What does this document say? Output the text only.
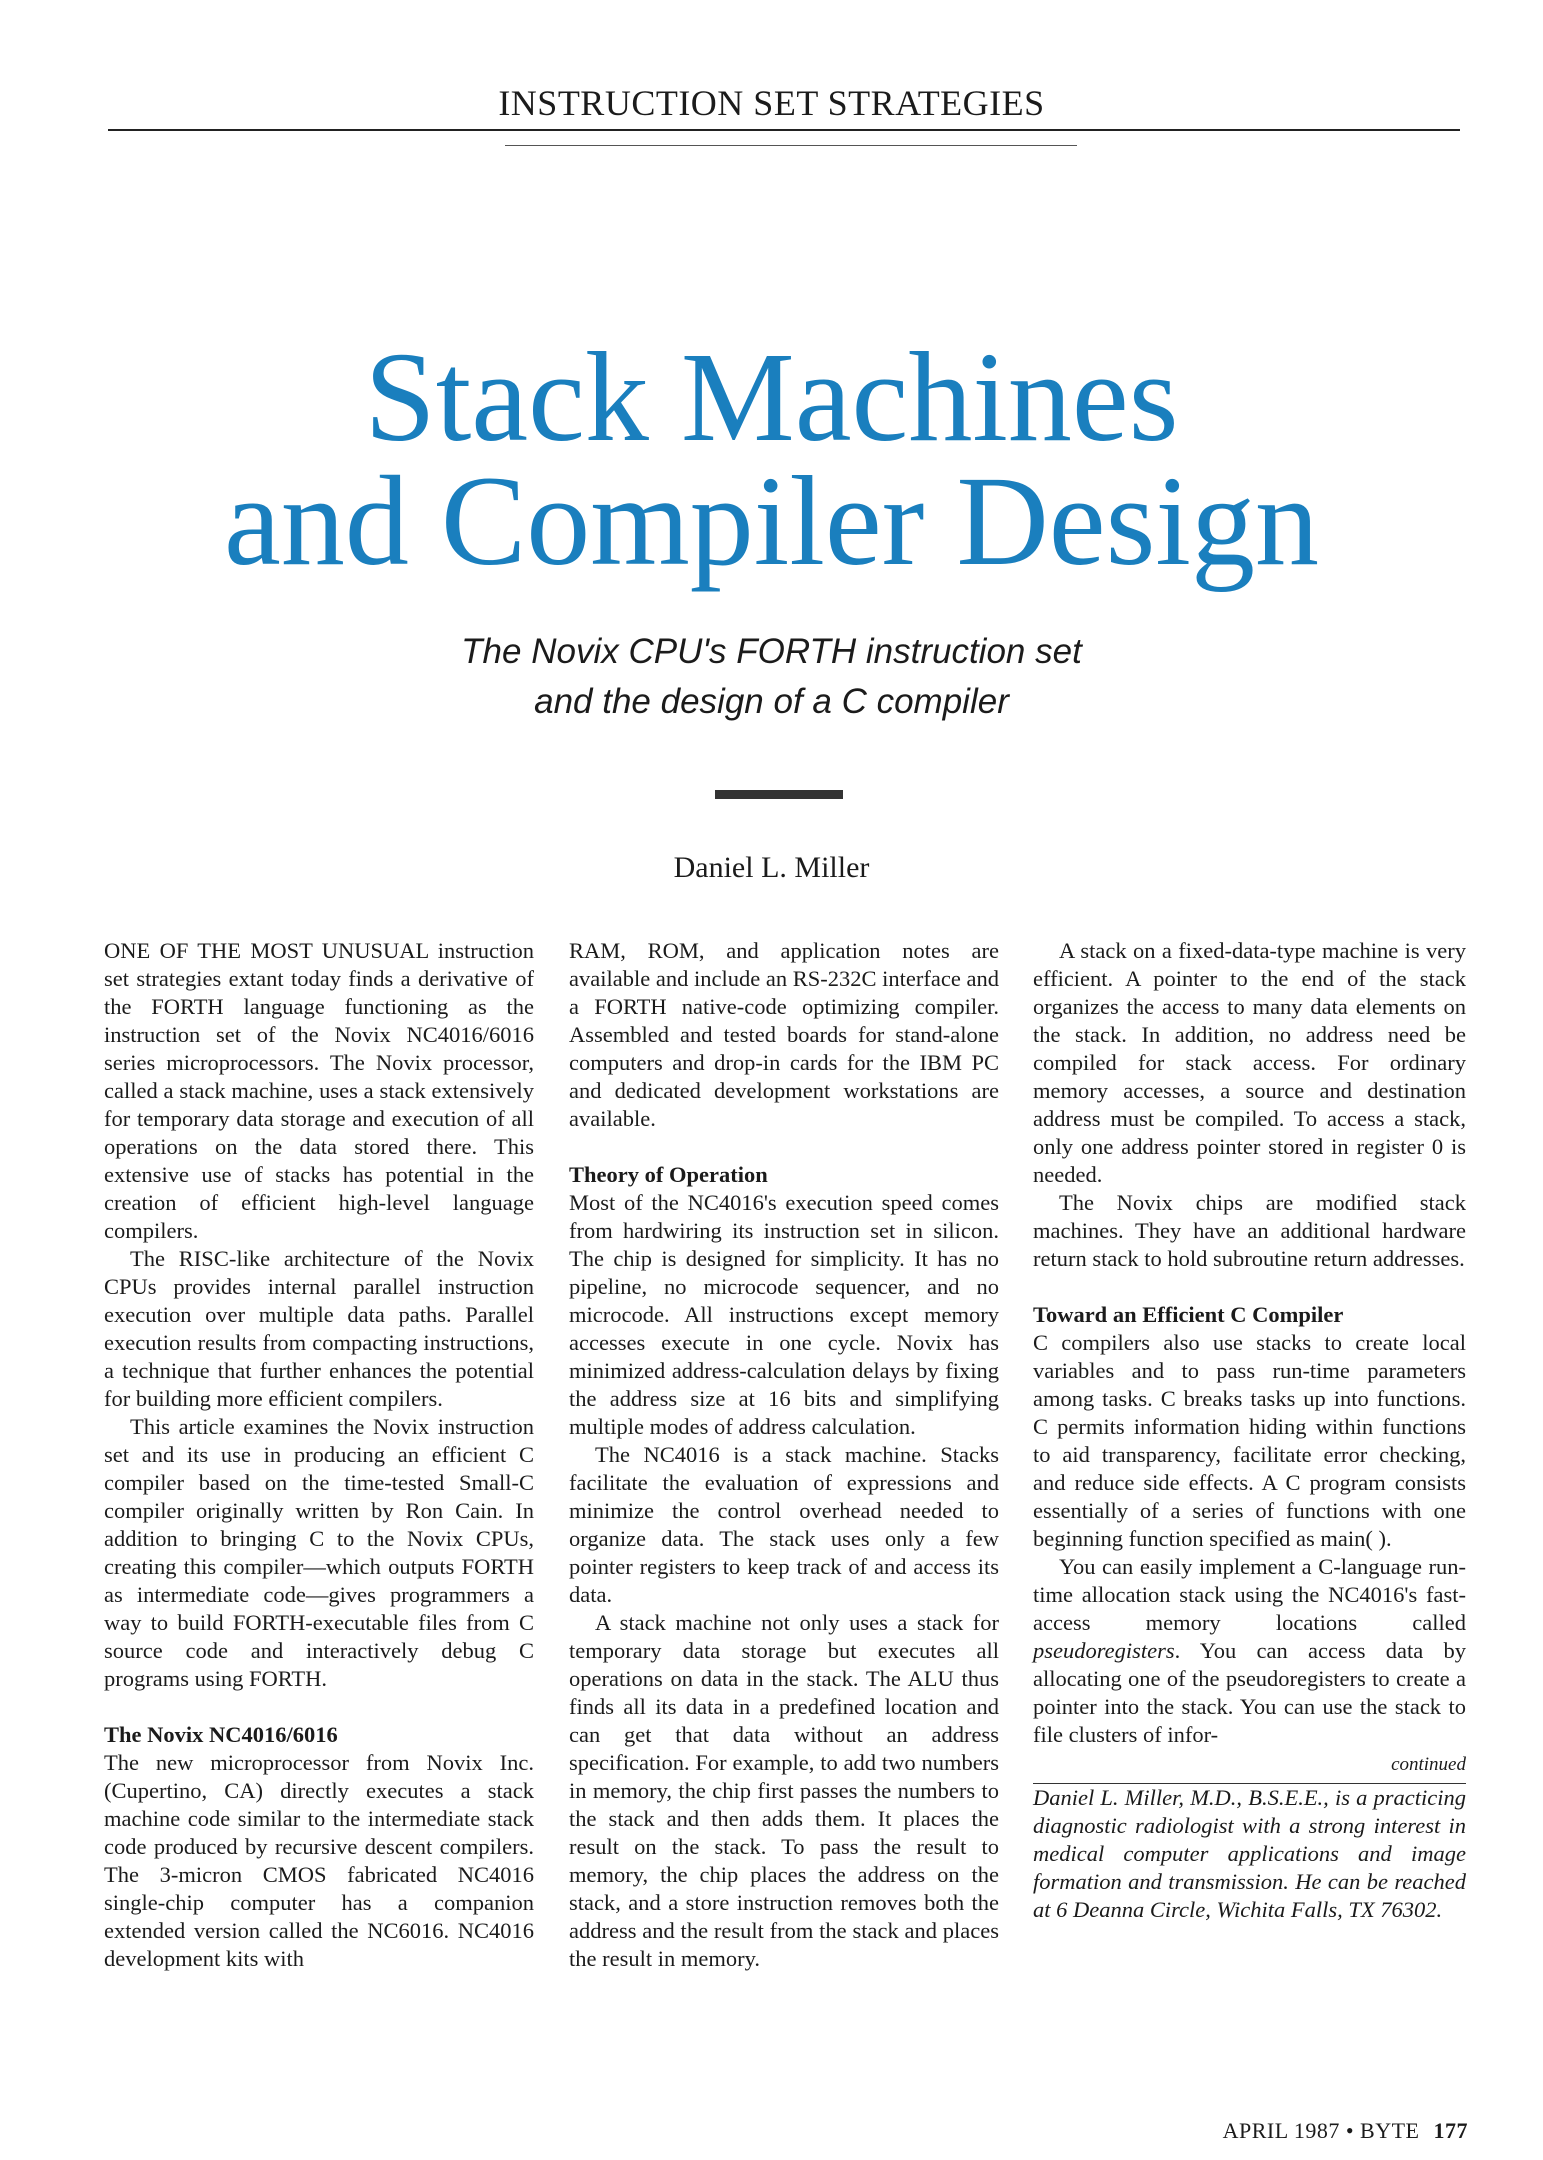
INSTRUCTION SET STRATEGIES
Stack Machines
and Compiler Design
The Novix CPU's FORTH instruction set
and the design of a C compiler
Daniel L. Miller

ONE OF THE MOST UNUSUAL instruction set strategies extant today finds a derivative of the FORTH language functioning as the instruction set of the Novix NC4016/6016 series microprocessors. The Novix processor, called a stack machine, uses a stack extensively for temporary data storage and execution of all operations on the data stored there. This extensive use of stacks has potential in the creation of efficient high-level language compilers.

The RISC-like architecture of the Novix CPUs provides internal parallel instruction execution over multiple data paths. Parallel execution results from compacting instructions, a technique that further enhances the potential for building more efficient compilers.

This article examines the Novix instruction set and its use in producing an efficient C compiler based on the time-tested Small-C compiler originally written by Ron Cain. In addition to bringing C to the Novix CPUs, creating this compiler—which outputs FORTH as intermediate code—gives programmers a way to build FORTH-executable files from C source code and interactively debug C programs using FORTH.

The Novix NC4016/6016

The new microprocessor from Novix Inc. (Cupertino, CA) directly executes a stack machine code similar to the intermediate stack code produced by recursive descent compilers. The 3-micron CMOS fabricated NC4016 single-chip computer has a companion extended version called the NC6016. NC4016 development kits with

RAM, ROM, and application notes are available and include an RS-232C interface and a FORTH native-code optimizing compiler. Assembled and tested boards for stand-alone computers and drop-in cards for the IBM PC and dedicated development workstations are available.

Theory of Operation

Most of the NC4016's execution speed comes from hardwiring its instruction set in silicon. The chip is designed for simplicity. It has no pipeline, no microcode sequencer, and no microcode. All instructions except memory accesses execute in one cycle. Novix has minimized address-calculation delays by fixing the address size at 16 bits and simplifying multiple modes of address calculation.

The NC4016 is a stack machine. Stacks facilitate the evaluation of expressions and minimize the control overhead needed to organize data. The stack uses only a few pointer registers to keep track of and access its data.

A stack machine not only uses a stack for temporary data storage but executes all operations on data in the stack. The ALU thus finds all its data in a predefined location and can get that data without an address specification. For example, to add two numbers in memory, the chip first passes the numbers to the stack and then adds them. It places the result on the stack. To pass the result to memory, the chip places the address on the stack, and a store instruction removes both the address and the result from the stack and places the result in memory.

A stack on a fixed-data-type machine is very efficient. A pointer to the end of the stack organizes the access to many data elements on the stack. In addition, no address need be compiled for stack access. For ordinary memory accesses, a source and destination address must be compiled. To access a stack, only one address pointer stored in register 0 is needed.

The Novix chips are modified stack machines. They have an additional hardware return stack to hold subroutine return addresses.

Toward an Efficient C Compiler

C compilers also use stacks to create local variables and to pass run-time parameters among tasks. C breaks tasks up into functions. C permits information hiding within functions to aid transparency, facilitate error checking, and reduce side effects. A C program consists essentially of a series of functions with one beginning function specified as main( ).

You can easily implement a C-language run-time allocation stack using the NC4016's fast-access memory locations called pseudoregisters. You can access data by allocating one of the pseudoregisters to create a pointer into the stack. You can use the stack to file clusters of infor-

continued

Daniel L. Miller, M.D., B.S.E.E., is a practicing diagnostic radiologist with a strong interest in medical computer applications and image formation and transmission. He can be reached at 6 Deanna Circle, Wichita Falls, TX 76302.

APRIL 1987 • BYTE 177
